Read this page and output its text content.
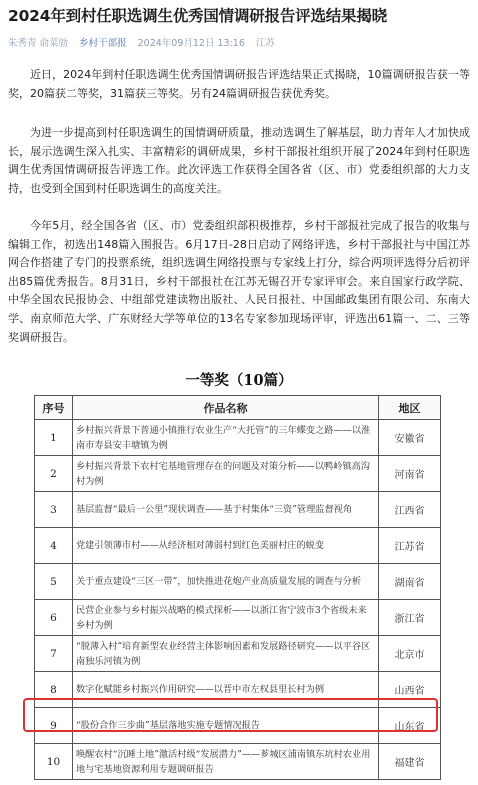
2024年到村任职选调生优秀国情调研报告评选结果揭晓
朱秀青 俞菜勍 乡村干部报 2024年09月12日 13:16 江苏
近日，2024年到村任职选调生优秀国情调研报告评选结果正式揭晓，10篇调研报告获一等奖，20篇获二等奖，31篇获三等奖。另有24篇调研报告获优秀奖。
为进一步提高到村任职选调生的国情调研质量，推动选调生了解基层，助力青年人才加快成长，展示选调生深入扎实、丰富精彩的调研成果，乡村干部报社组织开展了2024年到村任职选调生优秀国情调研报告评选工作。此次评选工作获得全国各省（区、市）党委组织部的大力支持，也受到全国到村任职选调生的高度关注。
今年5月，经全国各省（区、市）党委组织部积极推荐，乡村干部报社完成了报告的收集与编辑工作，初选出148篇入围报告。6月17日-28日启动了网络评选，乡村干部报社与中国江苏网合作搭建了专门的投票系统，组织选调生网络投票与专家线上打分，综合两项评选得分后初评出85篇优秀报告。8月31日，乡村干部报社在江苏无锡召开专家评审会。来自国家行政学院、中华全国农民报协会、中组部党建读物出版社、人民日报社、中国邮政集团有限公司、东南大学、南京师范大学、广东财经大学等单位的13名专家参加现场评审，评选出61篇一、二、三等奖调研报告。
一等奖（10篇）
序号	作品名称	地区
1	乡村振兴背景下普通小镇推行农业生产“大托管”的三年蝶变之路——以淮南市寿县安丰塘镇为例	安徽省
2	乡村振兴背景下农村宅基地管理存在的问题及对策分析——以鸭岭镇高沟村为例	河南省
3	基层监督“最后一公里”现状调查——基于村集体“三资”管理监督视角	江西省
4	党建引领薄市村——从经济相对薄弱村到红色美丽村庄的蜕变	江苏省
5	关于重点建设“三区一带”，加快推进花炮产业高质量发展的调查与分析	湖南省
6	民营企业参与乡村振兴战略的模式探析——以浙江省宁波市3个省级未来乡村为例	浙江省
7	“脱薄入村”培育新型农业经营主体影响因素和发展路径研究——以平谷区南独乐河镇为例	北京市
8	数字化赋能乡村振兴作用研究——以晋中市左权县里长村为例	山西省
9	“股份合作三步曲”基层落地实施专题情况报告	山东省
10	唤醒农村“沉睡土地”激活村级“发展潜力”——芗城区浦南镇东坑村农业用地与宅基地资源利用专题调研报告	福建省
